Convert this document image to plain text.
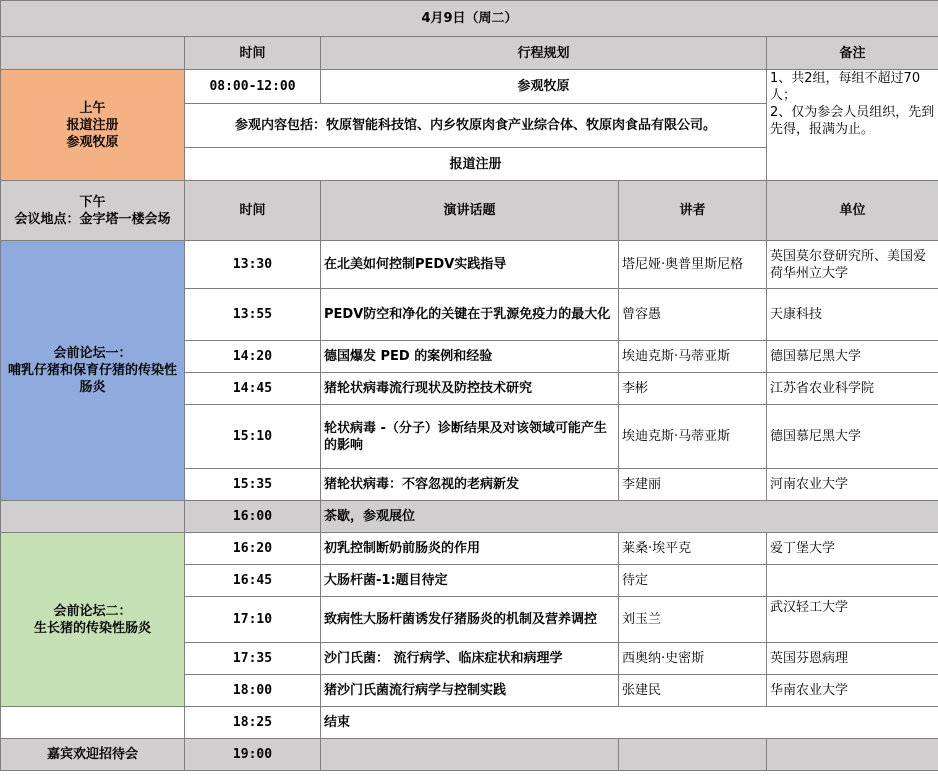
4月9日（周二）				
	时间	行程规划		备注
上午
报道注册
参观牧原	08:00-12:00	参观牧原		1、共2组，每组不超过70人；
2、仅为参会人员组织，先到先得，报满为止。
	参观内容包括：牧原智能科技馆、内乡牧原肉食产业综合体、牧原肉食品有限公司。			
	报道注册			
下午
会议地点：金字塔一楼会场	时间	演讲话题	讲者	单位
会前论坛一：
哺乳仔猪和保育仔猪的传染性肠炎	13:30	在北美如何控制PEDV实践指导	塔尼娅·奥普里斯尼格	英国莫尔登研究所、美国爱荷华州立大学
	13:55	PEDV防空和净化的关键在于乳源免疫力的最大化	曾容愚	天康科技
	14:20	德国爆发 PED 的案例和经验	埃迪克斯·马蒂亚斯	德国慕尼黑大学
	14:45	猪轮状病毒流行现状及防控技术研究	李彬	江苏省农业科学院
	15:10	轮状病毒 -（分子）诊断结果及对该领域可能产生的影响	埃迪克斯·马蒂亚斯	德国慕尼黑大学
	15:35	猪轮状病毒：不容忽视的老病新发	李建丽	河南农业大学
	16:00	茶歇，参观展位		
会前论坛二：
生长猪的传染性肠炎	16:20	初乳控制断奶前肠炎的作用	莱桑·埃平克	爱丁堡大学
	16:45	大肠杆菌-1:题目待定	待定	
	17:10	致病性大肠杆菌诱发仔猪肠炎的机制及营养调控	刘玉兰	武汉轻工大学
	17:35	沙门氏菌： 流行病学、临床症状和病理学	西奥纳·史密斯	英国芬恩病理
	18:00	猪沙门氏菌流行病学与控制实践	张建民	华南农业大学
	18:25	结束		
嘉宾欢迎招待会	19:00			
